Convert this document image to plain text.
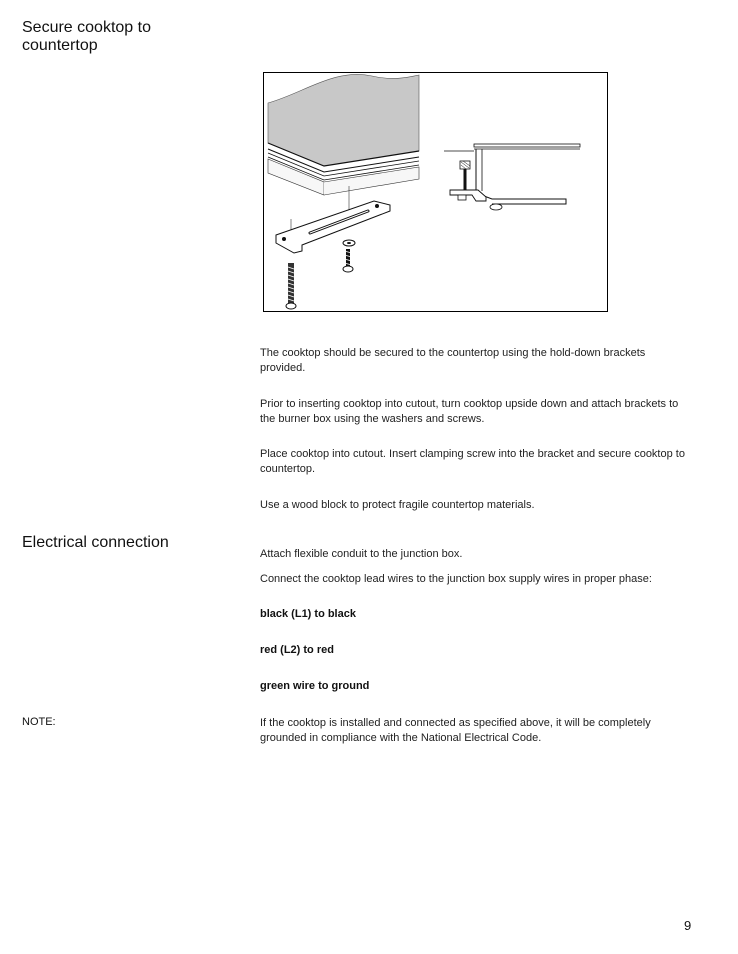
Secure cooktop to countertop

The cooktop should be secured to the countertop using the hold-down brackets provided.

Prior to inserting cooktop into cutout, turn cooktop upside down and attach brackets to the burner box using the washers and screws.

Place cooktop into cutout. Insert clamping screw into the bracket and secure cooktop to countertop.

Use a wood block to protect fragile countertop materials.

Electrical connection

Attach flexible conduit to the junction box.

Connect the cooktop lead wires to the junction box supply wires in proper phase:

black (L1) to black
red (L2) to red
green wire to ground
NOTE:	If the cooktop is installed and connected as specified above, it will be completely grounded in compliance with the National Electrical Code.

9
